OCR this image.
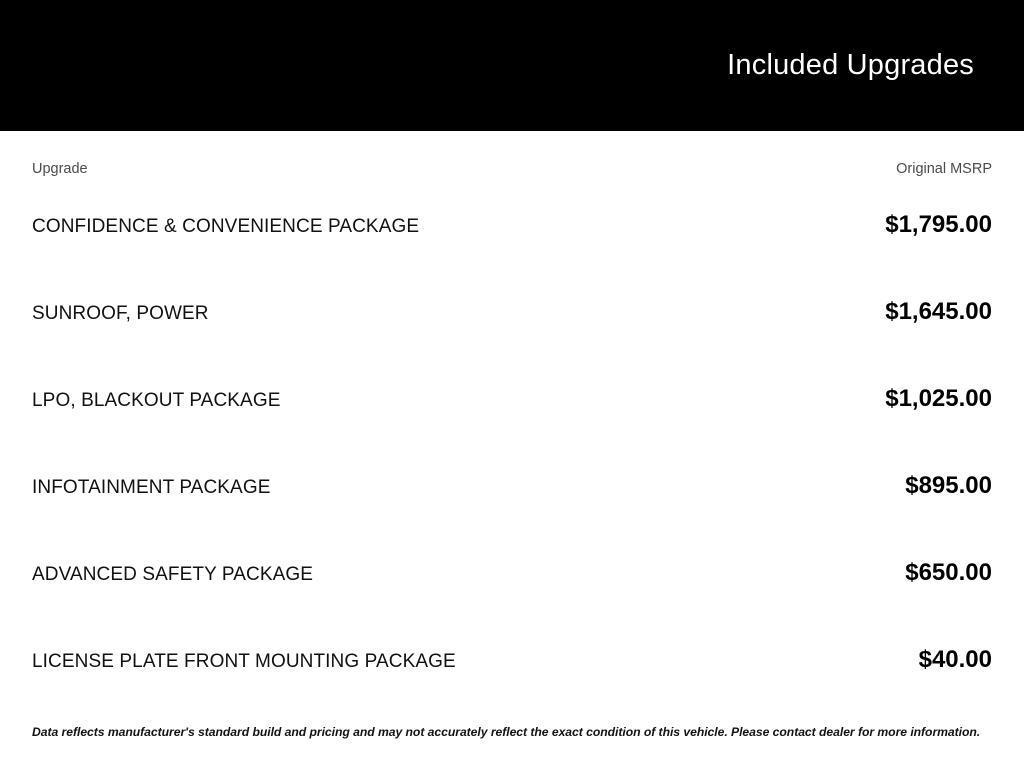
Included Upgrades
Upgrade	Original MSRP
CONFIDENCE & CONVENIENCE PACKAGE	$1,795.00
SUNROOF, POWER	$1,645.00
LPO, BLACKOUT PACKAGE	$1,025.00
INFOTAINMENT PACKAGE	$895.00
ADVANCED SAFETY PACKAGE	$650.00
LICENSE PLATE FRONT MOUNTING PACKAGE	$40.00
Data reflects manufacturer's standard build and pricing and may not accurately reflect the exact condition of this vehicle. Please contact dealer for more information.
